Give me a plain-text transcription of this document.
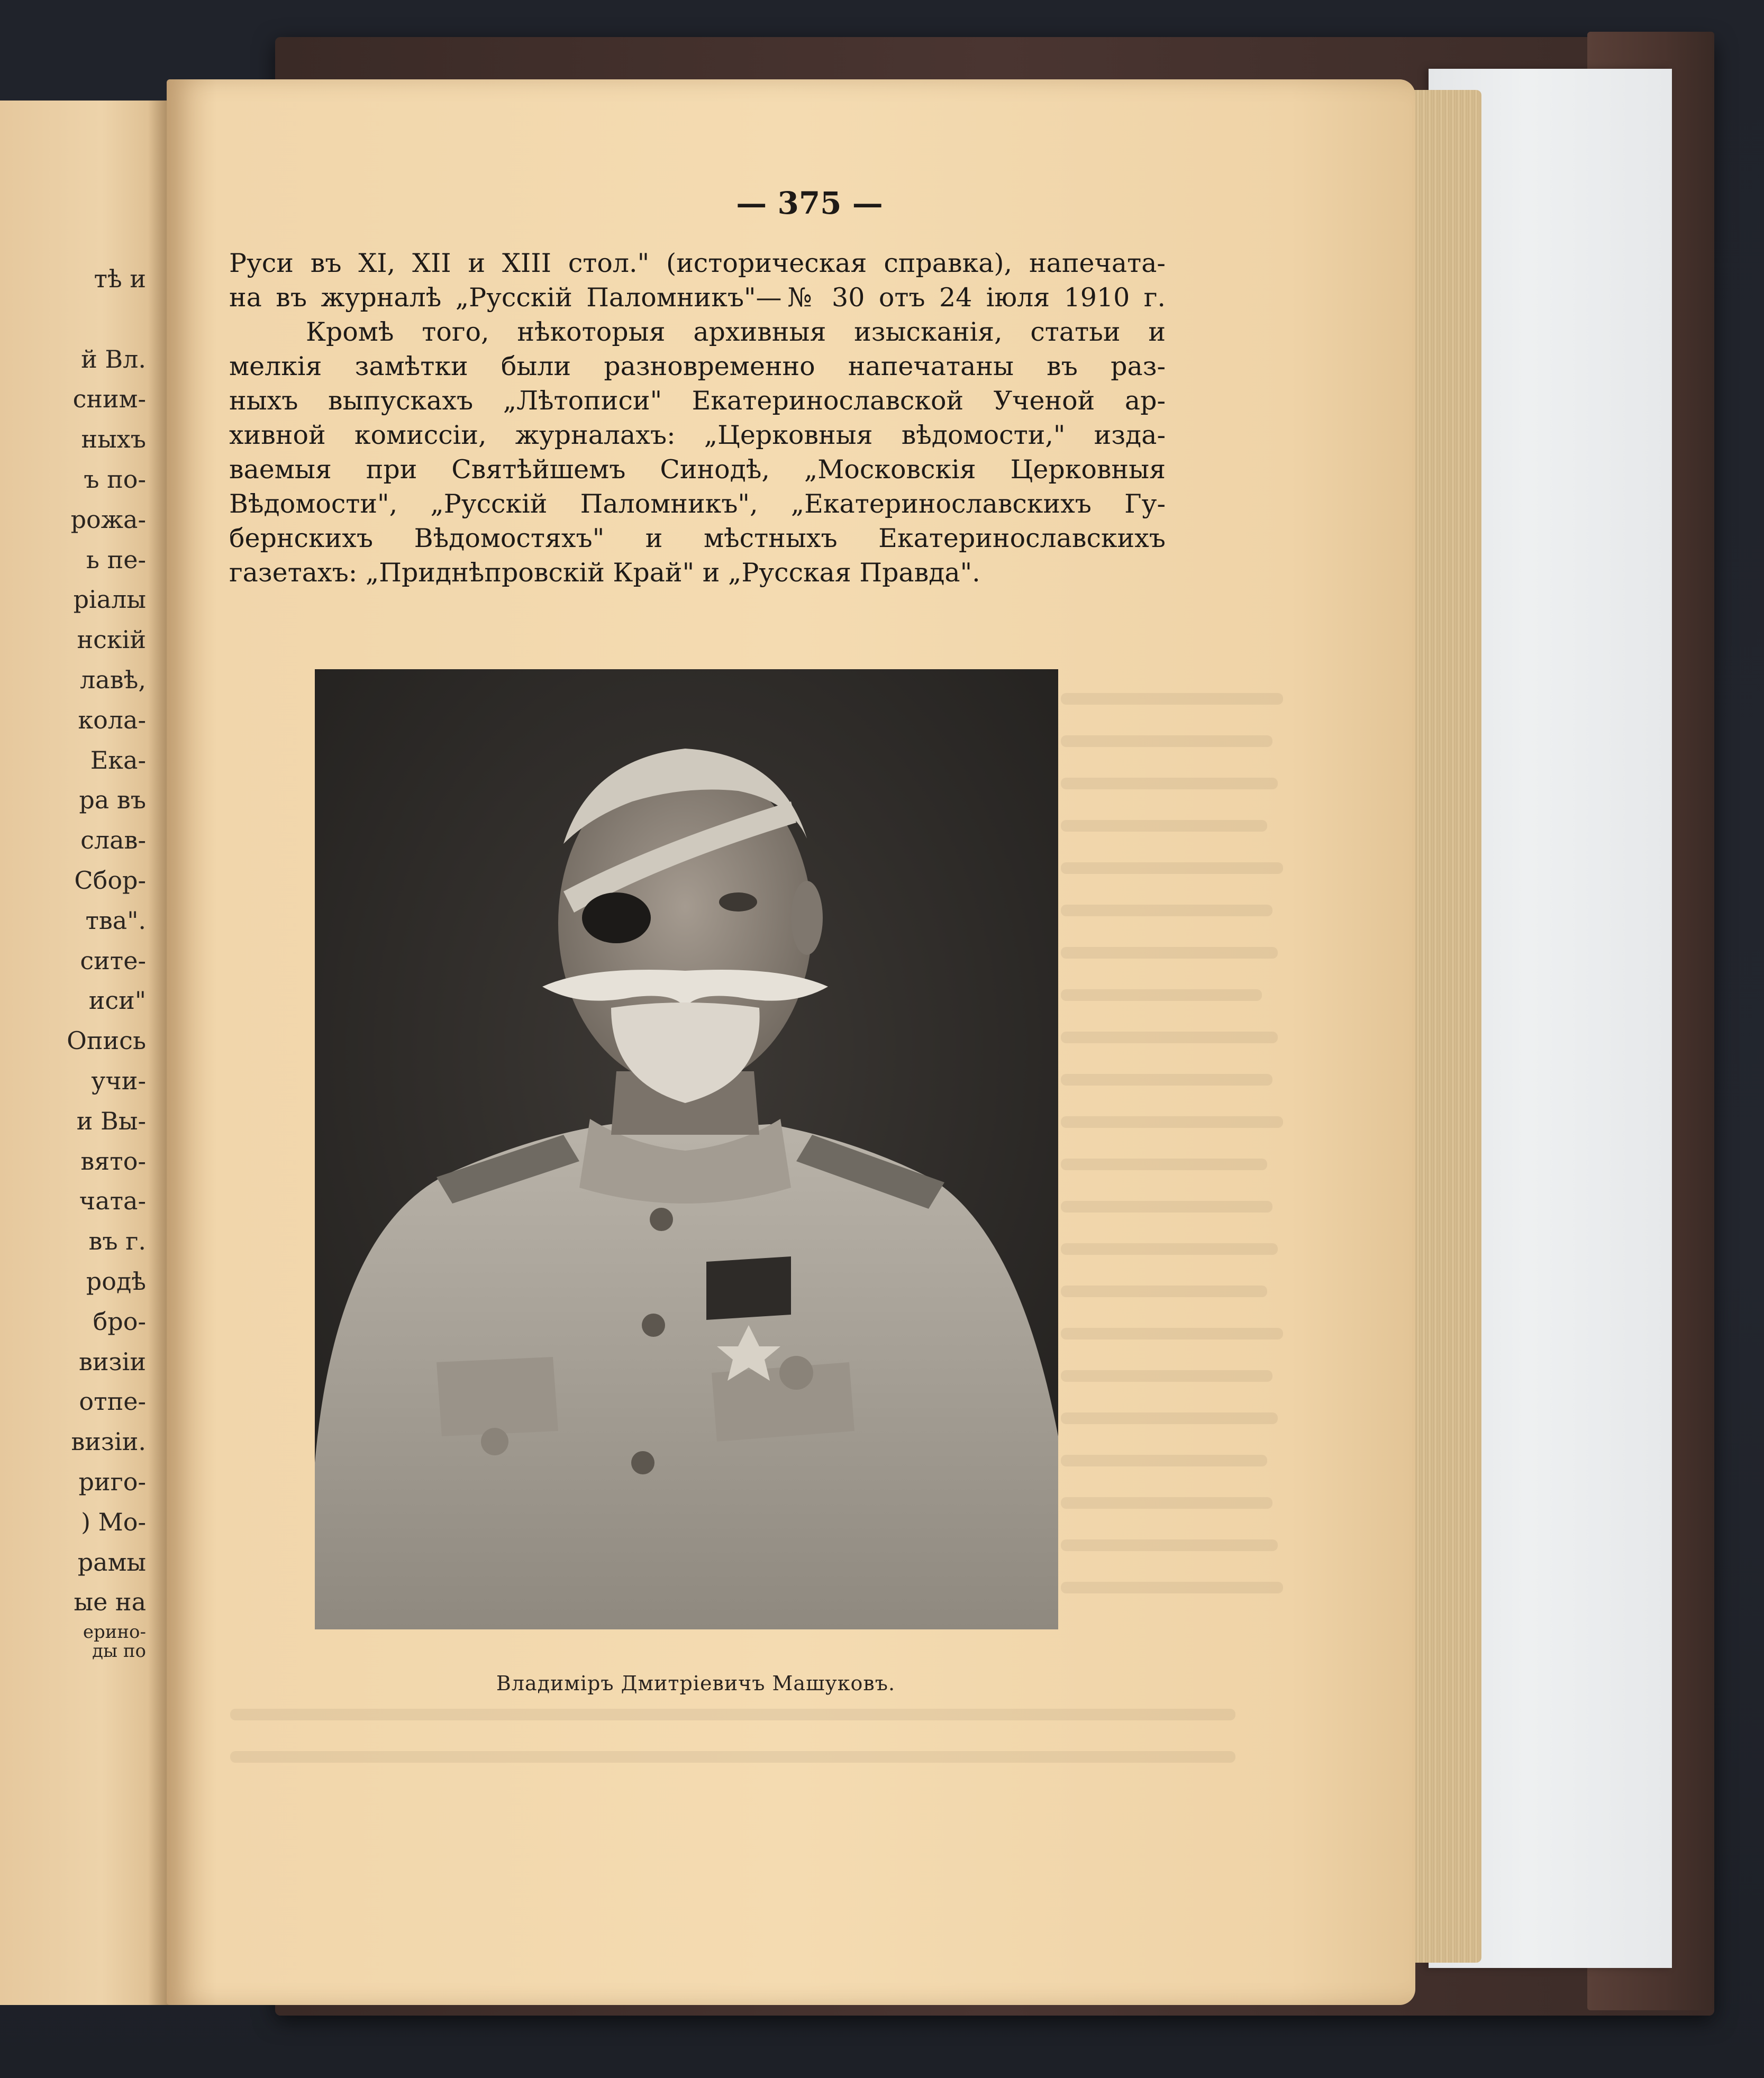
тѣ и
й Вл.
сним-
ныхъ
ъ по-
рожа-
ь пе-
ріалы
нскій
лавѣ,
кола-
Ека-
ра въ
слав-
Сбор-
тва".
сите-
иси"
Опись
учи-
и Вы-
вято-
чата-
въ г.
родѣ
бро-
визіи
отпе-
визіи.
риго-
) Мо-
рамы
ые на
ерино-
ды по
— 375 —
Руси въ XI, XII и XIII стол." (историческая справка), напечата-
на въ журналѣ „Русскій Паломникъ"—№ 30 отъ 24 іюля 1910 г.
Кромѣ того, нѣкоторыя архивныя изысканія, статьи и
мелкія замѣтки были разновременно напечатаны въ раз-
ныхъ выпускахъ „Лѣтописи" Екатеринославской Ученой ар-
хивной комиссіи, журналахъ: „Церковныя вѣдомости," изда-
ваемыя при Святѣйшемъ Синодѣ, „Московскія Церковныя
Вѣдомости", „Русскій Паломникъ", „Екатеринославскихъ Гу-
бернскихъ Вѣдомостяхъ" и мѣстныхъ Екатеринославскихъ
газетахъ: „Приднѣпровскій Край" и „Русская Правда".
Владиміръ Дмитріевичъ Машуковъ.
